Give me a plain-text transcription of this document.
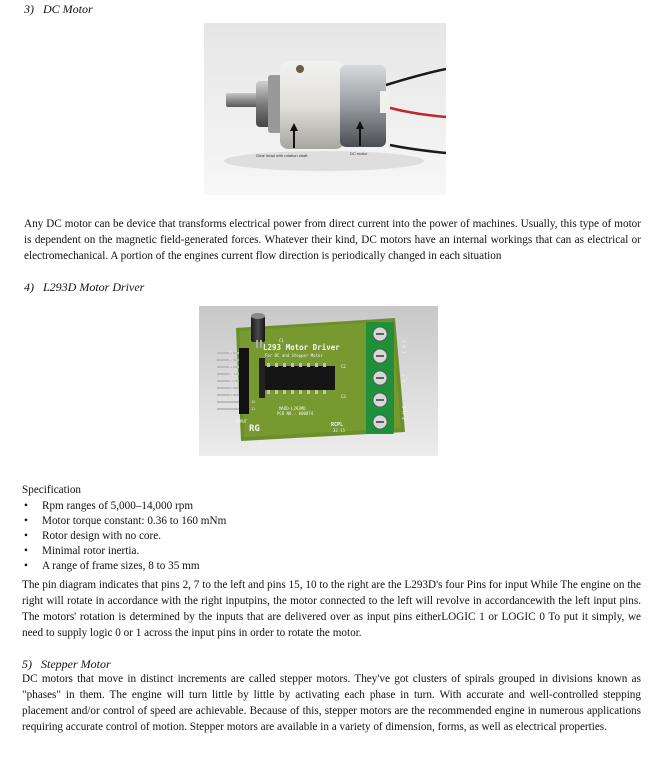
3)   DC Motor
Gear head with rotation shaft	DC motor
Any DC motor can be device that transforms electrical power from direct current into the power of machines. Usually, this type of motor is dependent on the magnetic field-generated forces. Whatever their kind, DC motors have an internal workings that can as electrical or electromechanical. A portion of the engines current flow direction is periodically changed in each situation
4)   L293D Motor Driver
L293 Motor Driver
For DC and Stepper Motor
C1
C2
C3
MADD-L293MD
PCB NO.: 000074
RG	RCPL
32-15
INPUT
P5
P4
P3
GND
VCC
T2
T1
12
11
1 M 2
+ V -
2 M 1
Specification
• Rpm ranges of 5,000–14,000 rpm
• Motor torque constant: 0.36 to 160 mNm
• Rotor design with no core.
• Minimal rotor inertia.
• A range of frame sizes, 8 to 35 mm
The pin diagram indicates that pins 2, 7 to the left and pins 15, 10 to the right are the L293D's four Pins for input While The engine on the right will rotate in accordance with the right inputpins, the motor connected to the left will revolve in accordancewith the left input pins. The motors' rotation is determined by the inputs that are delivered over as input pins eitherLOGIC 1 or LOGIC 0 To put it simply, we need to supply logic 0 or 1 across the input pins in order to rotate the motor.
5)   Stepper Motor
DC motors that move in distinct increments are called stepper motors. They've got clusters of spirals grouped in divisions known as "phases" in them. The engine will turn little by little by activating each phase in turn. With accurate and well-controlled stepping placement and/or control of speed are achievable. Because of this, stepper motors are the recommended engine in numerous applications requiring accurate control of motion. Stepper motors are available in a variety of dimension, forms, as well as electrical properties.
